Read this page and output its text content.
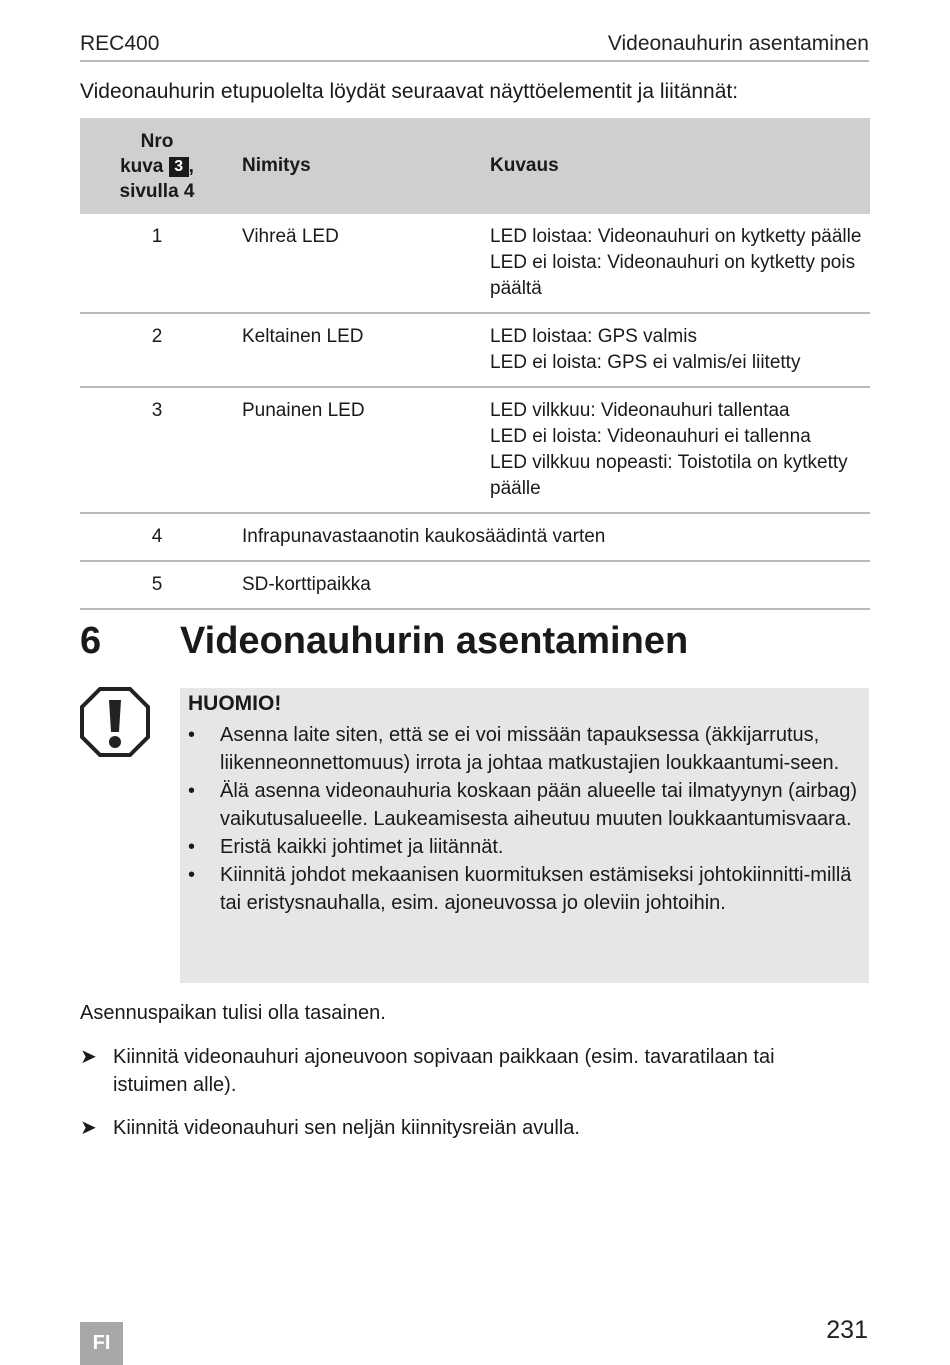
REC400	Videonauhurin asentaminen
Videonauhurin etupuolelta löydät seuraavat näyttöelementit ja liitännät:
Nro
kuva 3 ,
sivulla 4	Nimitys	Kuvaus
1	Vihreä LED	LED loistaa: Videonauhuri on kytketty päälle
LED ei loista: Videonauhuri on kytketty pois päältä

2	Keltainen LED	LED loistaa: GPS valmis
LED ei loista: GPS ei valmis/ei liitetty

3	Punainen LED	LED vilkkuu: Videonauhuri tallentaa
LED ei loista: Videonauhuri ei tallenna
LED vilkkuu nopeasti: Toistotila on kytketty päälle

4	Infrapunavastaanotin kaukosäädintä varten	
5	SD-korttipaikka	
6 Videonauhurin asentaminen
HUOMIO!
• Asenna laite siten, että se ei voi missään tapauksessa (äkkijarrutus, liikenneonnettomuus) irrota ja johtaa matkustajien loukkaantumi-seen.
• Älä asenna videonauhuria koskaan pään alueelle tai ilmatyynyn (airbag) vaikutusalueelle. Laukeamisesta aiheutuu muuten loukkaantumisvaara.
• Eristä kaikki johtimet ja liitännät.
• Kiinnitä johdot mekaanisen kuormituksen estämiseksi johtokiinnitti-millä tai eristysnauhalla, esim. ajoneuvossa jo oleviin johtoihin.
Asennuspaikan tulisi olla tasainen.
➤ Kiinnitä videonauhuri ajoneuvoon sopivaan paikkaan (esim. tavaratilaan tai istuimen alle).
➤ Kiinnitä videonauhuri sen neljän kiinnitysreiän avulla.
FI	231
